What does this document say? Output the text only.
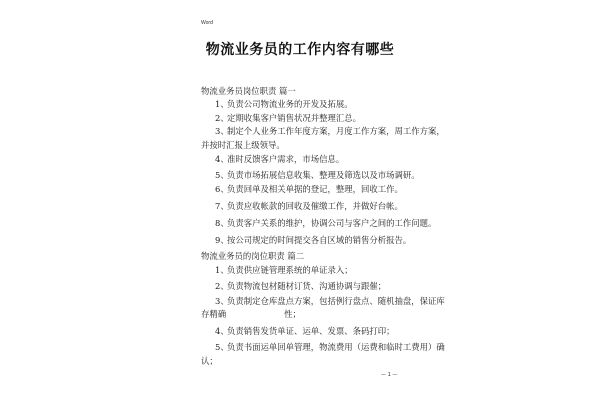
Word
物流业务员的工作内容有哪些
物流业务员岗位职责 篇一
1、负责公司物流业务的开发及拓展。
2、定期收集客户销售状况并整理汇总。
3、制定个人业务工作年度方案，月度工作方案，周工作方案，
并按时汇报上级领导。
4、准时反馈客户需求，市场信息。
5、负责市场拓展信息收集、整理及筛选以及市场调研。
6、负责回单及相关单据的登记，整理，回收工作。
7、负责应收帐款的回收及催缴工作，并做好台帐。
8、负责客户关系的维护，协调公司与客户之间的工作问题。
9、按公司规定的时间提交各自区域的销售分析报告。
物流业务员的岗位职责 篇二
1、负责供应链管理系统的单证录入；
2、负责物流包材随材订货、沟通协调与跟催；
3、负责制定仓库盘点方案，包括例行盘点、随机抽盘，保证库
存精确	性；
4、负责销售发货单证、运单、发票、条码打印；
5、负责书面运单回单管理，物流费用（运费和临时工费用）确
认；
— 1 —
